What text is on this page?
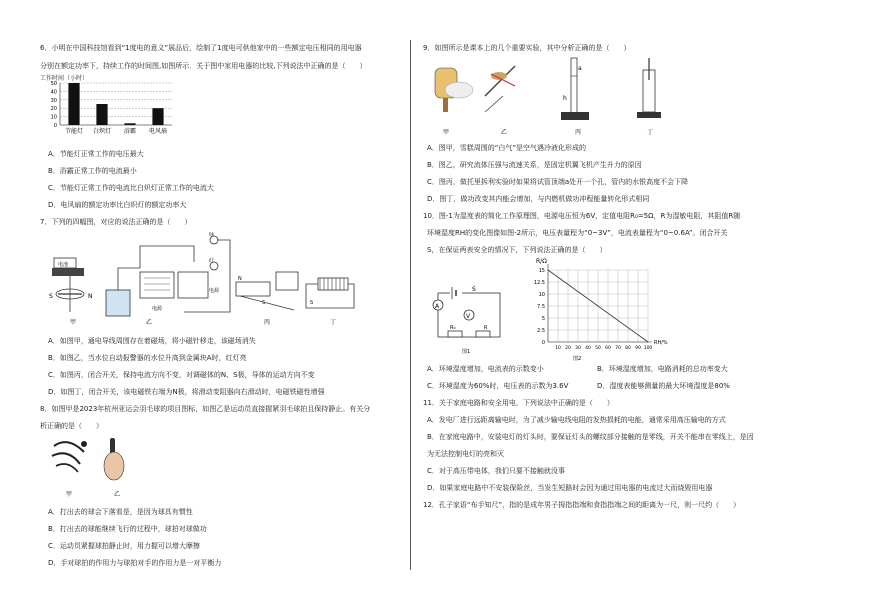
6．小明在中国科技馆看到“1度电的意义”展品后，绘制了1度电可供他家中的一些额定电压相同的用电器
分别在额定功率下，持续工作的时间图,如图所示．关于图中家用电器的比较,下列说法中正确的是（　　）
工作时间（小时）
0
10
20
30
40
50
节能灯 白炽灯 浴霸 电风扇
A．节能灯正常工作的电压最大
B．浴霸正常工作的电流最小
C．节能灯正常工作的电流比白炽灯正常工作的电流大
D．电风扇的额定功率比白炽灯的额定功率大
7．下列的四幅图，对应的说法正确的是（　　）
电池
S	N
甲
电源
乙
绿
红
电源
N
S
丙
S
丁
A．如图甲，通电导线周围存在着磁场，将小磁针移走，该磁场消失
B．如图乙，当水位自动报警器的水位升高到金属块A时，红灯亮
C．如图丙，闭合开关，保持电流方向不变，对调磁体的N、S极，导体的运动方向不变
D．如图丁，闭合开关，该电磁铁右端为N极，将滑动变阻器向右滑动时，电磁铁磁性增强
8．如图甲是2023年杭州亚运会羽毛球的项目图标，如图乙是运动员直接握紧羽毛球拍且保持静止。有关分
析正确的是（　　）
甲	乙
A．打出去的球会下落看是，是因为球具有惯性
B．打出去的球能继续飞行的过程中，球拍对球做功
C．运动员紧握球拍静止时，用力握可以增大摩擦
D．手对球拍的作用力与球拍对手的作用力是一对平衡力
9．如图所示是课本上的几个重要实验，其中分析正确的是（　　）
甲	乙
a
h
丙	丁
A．图甲，雪糕周围的“白气”是空气遇冷液化形成的
B．图乙，研究流体压强与流速关系，是固定机翼飞机产生升力的原因
C．图丙，做托里拆利实验时如果将试管顶端a处开一个孔，管内的水银高度不会下降
D．图丁，做功改变其内能会增加，与内燃机做功冲程能量转化形式相同
10．图-1为湿度表的简化工作原理图，电源电压恒为6V，定值电阻R₀=5Ω，R为湿敏电阻，其阻值R随
环境湿度RH的变化图像如图-2所示，电压表量程为“0~3V”，电流表量程为“0~0.6A”。闭合开关
S，在保证两表安全的情况下，下列说法正确的是（　　）
S
A
V
R₀	R
图1
R/Ω
15
12.5
10
7.5
5
2.5
0
10 20 30 40 50 60 70 80 90 100
RH/%
图2
A．环境湿度增加，电流表的示数变小	B．环境湿度增加，电路消耗的总功率变大
C．环境湿度为60%时，电压表的示数为3.6V	D．湿度表能够测量的最大环境湿度是80%
11．关于家庭电路和安全用电，下列说法中正确的是（　　）
A．发电厂进行远距离输电时，为了减少输电线电阻的发热损耗的电能，通常采用高压输电的方式
B．在家庭电路中，安装电灯的灯头时，要保证灯头的螺纹部分接触的是零线，开关不能串在零线上，是因
为无法控制电灯的亮和灭
C．对于高压带电体，我们只要不接触就没事
D．如果家庭电路中不安装保险丝，当发生短路时会因为通过用电器的电流过大而烧毁用电器
12．孔子家语“布手知尺”，指的是成年男子拇指指端和食指指端之间的距离为一尺，则一尺约（　　）
